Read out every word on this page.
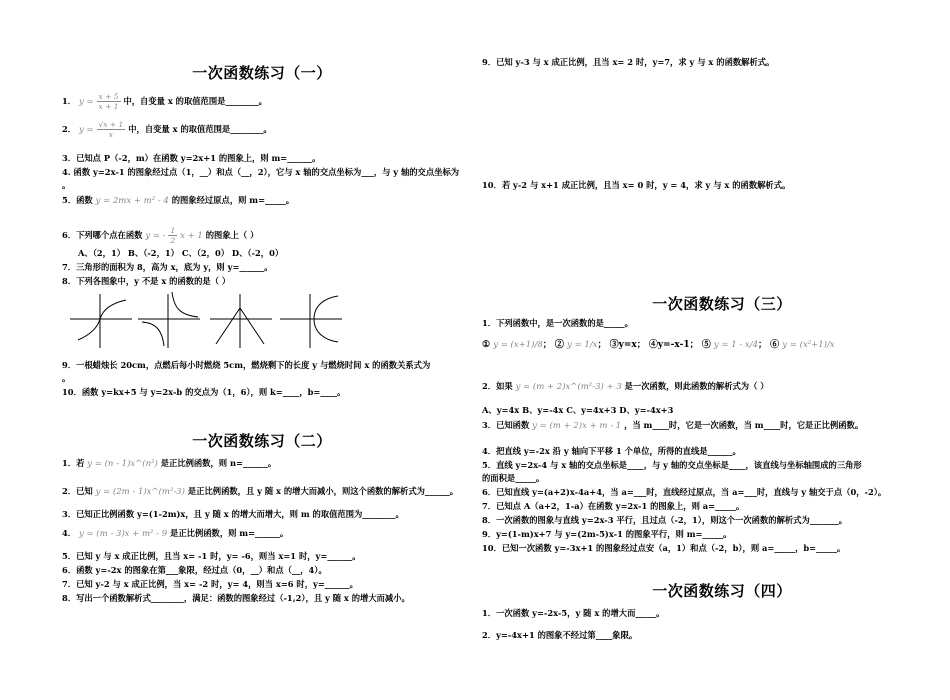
一次函数练习（一）
1． $y = \frac{x + 5}{x + 1}$ 中，自变量 x 的取值范围是________。
2． $y = \frac{√x + 1}{x}$ 中，自变量 x 的取值范围是________。
3．已知点 P（-2，m）在函数 y=2x+1 的图象上，则 m=______。
4. 函数 y=2x-1 的图象经过点（1，__）和点（__，2），它与 x 轴的交点坐标为___，与 y 轴的交点坐标为
。
5．函数 y = 2mx + m² - 4 的图象经过原点，则 m=_____。
6．下列哪个点在函数 y = - $\frac{1}{2}$ x + 1 的图象上（ ）
A、（2，1） B、（-2，1） C、（2，0） D、（-2，0）
7．三角形的面积为 8，高为 x，底为 y，则 y=______。
8．下列各图象中，y 不是 x 的函数的是（ ）
9．一根蜡烛长 20cm，点燃后每小时燃烧 5cm，燃烧剩下的长度 y 与燃烧时间 x 的函数关系式为
。
10．函数 y=kx+5 与 y=2x-b 的交点为（1，6），则 k=____，b=____。
一次函数练习（二）
1．若 y = (n - 1)x^(n²) 是正比例函数，则 n=______。
2．已知 y = (2m - 1)x^(m²-3) 是正比例函数，且 y 随 x 的增大而减小，则这个函数的解析式为______。
3．已知正比例函数 y=(1-2m)x，且 y 随 x 的增大而增大，则 m 的取值范围为________。
4． y = (m - 3)x + m² - 9 是正比例函数，则 m=______。
5．已知 y 与 x 成正比例，且当 x= -1 时，y= -6，则当 x=1 时，y=______。
6．函数 y=-2x 的图象在第___象限，经过点（0，__）和点（__，4）。
7．已知 y-2 与 x 成正比例，当 x= -2 时，y= 4，则当 x=6 时，y=______。
8．写出一个函数解析式________，满足：函数的图象经过（-1,2），且 y 随 x 的增大而减小。
9．已知 y-3 与 x 成正比例，且当 x= 2 时，y=7，求 y 与 x 的函数解析式。
10．若 y-2 与 x+1 成正比例，且当 x= 0 时，y = 4，求 y 与 x 的函数解析式。
一次函数练习（三）
1．下列函数中，是一次函数的是_____。
① y = (x+1)/8； ② y = 1/x； ③y=x； ④y=-x-1； ⑤ y = 1 - x/4； ⑥ y = (x²+1)/x
2．如果 y = (m + 2)x^(m²-3) + 3 是一次函数，则此函数的解析式为（ ）
A、y=4x B、y=-4x C、y=4x+3 D、y=-4x+3
3．已知函数 y = (m + 2)x + m - 1 ，当 m____时，它是一次函数，当 m____时，它是正比例函数。
4．把直线 y=-2x 沿 y 轴向下平移 1 个单位，所得的直线是______。
5．直线 y=2x-4 与 x 轴的交点坐标是____，与 y 轴的交点坐标是____，该直线与坐标轴围成的三角形
的面积是_____。
6．已知直线 y=(a+2)x-4a+4，当 a=___时，直线经过原点，当 a=___时，直线与 y 轴交于点（0，-2）。
7．已知点 A（a+2，1-a）在函数 y=2x-1 的图象上，则 a=_____。
8．一次函数的图象与直线 y=2x-3 平行，且过点（-2，1），则这个一次函数的解析式为_______。
9．y=(1-m)x+7 与 y=(2m-5)x-1 的图象平行，则 m=_____。
10．已知一次函数 y=-3x+1 的图象经过点安（a，1）和点（-2，b），则 a=_____，b=_____。
一次函数练习（四）
1．一次函数 y=-2x-5，y 随 x 的增大而_____。
2．y=-4x+1 的图象不经过第____象限。
